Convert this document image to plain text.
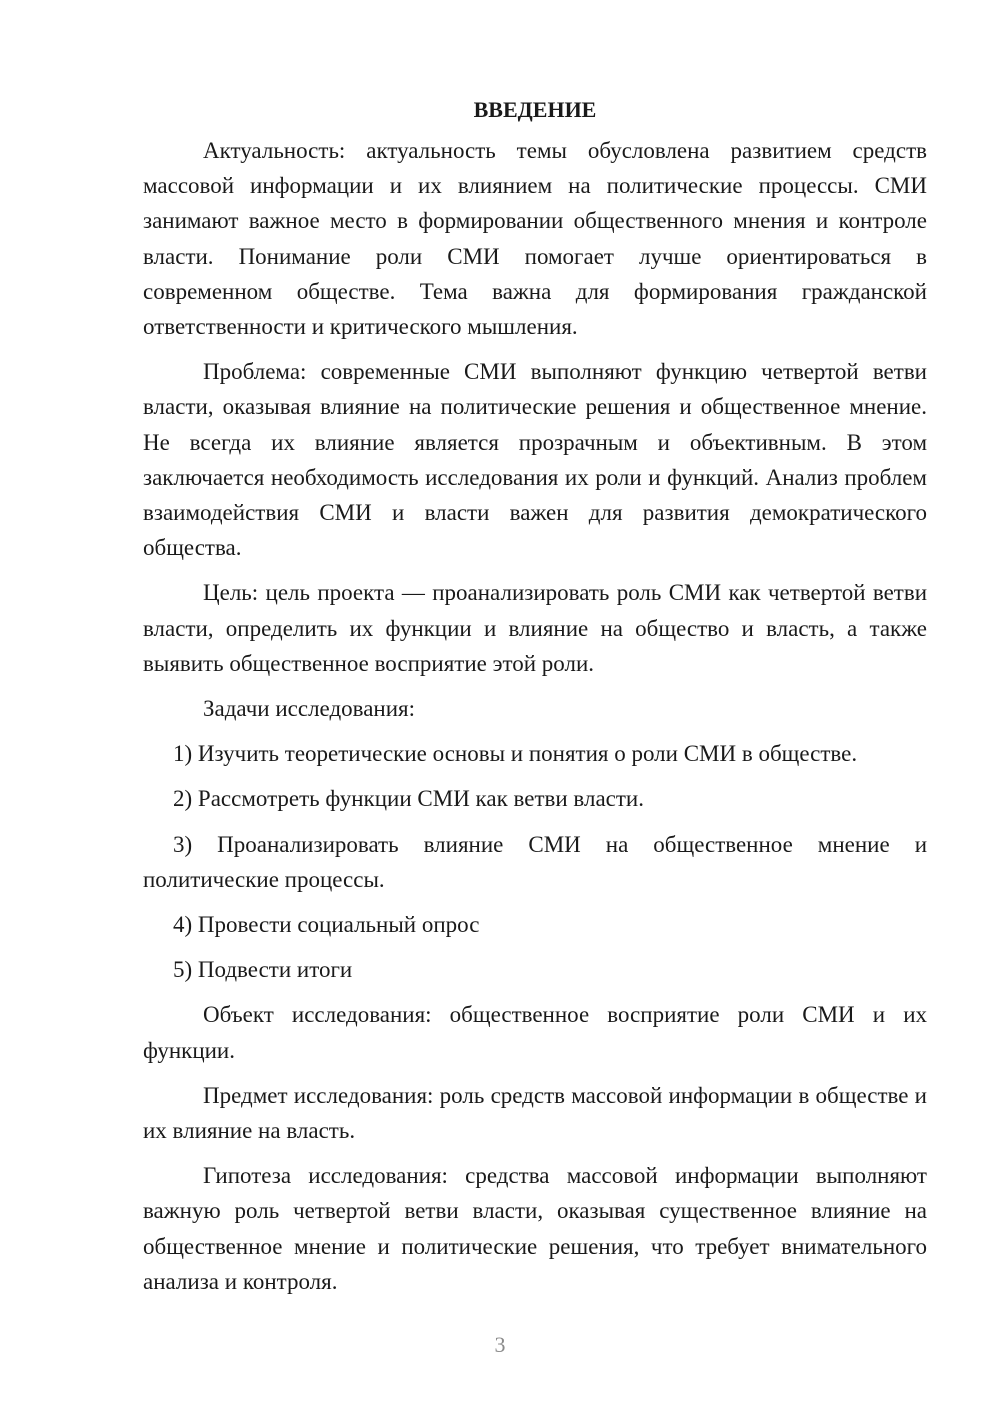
ВВЕДЕНИЕ

Актуальность: актуальность темы обусловлена развитием средств массовой информации и их влиянием на политические процессы. СМИ занимают важное место в формировании общественного мнения и контроле власти. Понимание роли СМИ помогает лучше ориентироваться в современном обществе. Тема важна для формирования гражданской ответственности и критического мышления.

Проблема: современные СМИ выполняют функцию четвертой ветви власти, оказывая влияние на политические решения и общественное мнение. Не всегда их влияние является прозрачным и объективным. В этом заключается необходимость исследования их роли и функций. Анализ проблем взаимодействия СМИ и власти важен для развития демократического общества.

Цель: цель проекта — проанализировать роль СМИ как четвертой ветви власти, определить их функции и влияние на общество и власть, а также выявить общественное восприятие этой роли.

Задачи исследования:

1) Изучить теоретические основы и понятия о роли СМИ в обществе.

2) Рассмотреть функции СМИ как ветви власти.

3) Проанализировать влияние СМИ на общественное мнение и политические процессы.

4) Провести социальный опрос

5) Подвести итоги

Объект исследования: общественное восприятие роли СМИ и их функции.

Предмет исследования: роль средств массовой информации в обществе и их влияние на власть.

Гипотеза исследования: средства массовой информации выполняют важную роль четвертой ветви власти, оказывая существенное влияние на общественное мнение и политические решения, что требует внимательного анализа и контроля.

3
